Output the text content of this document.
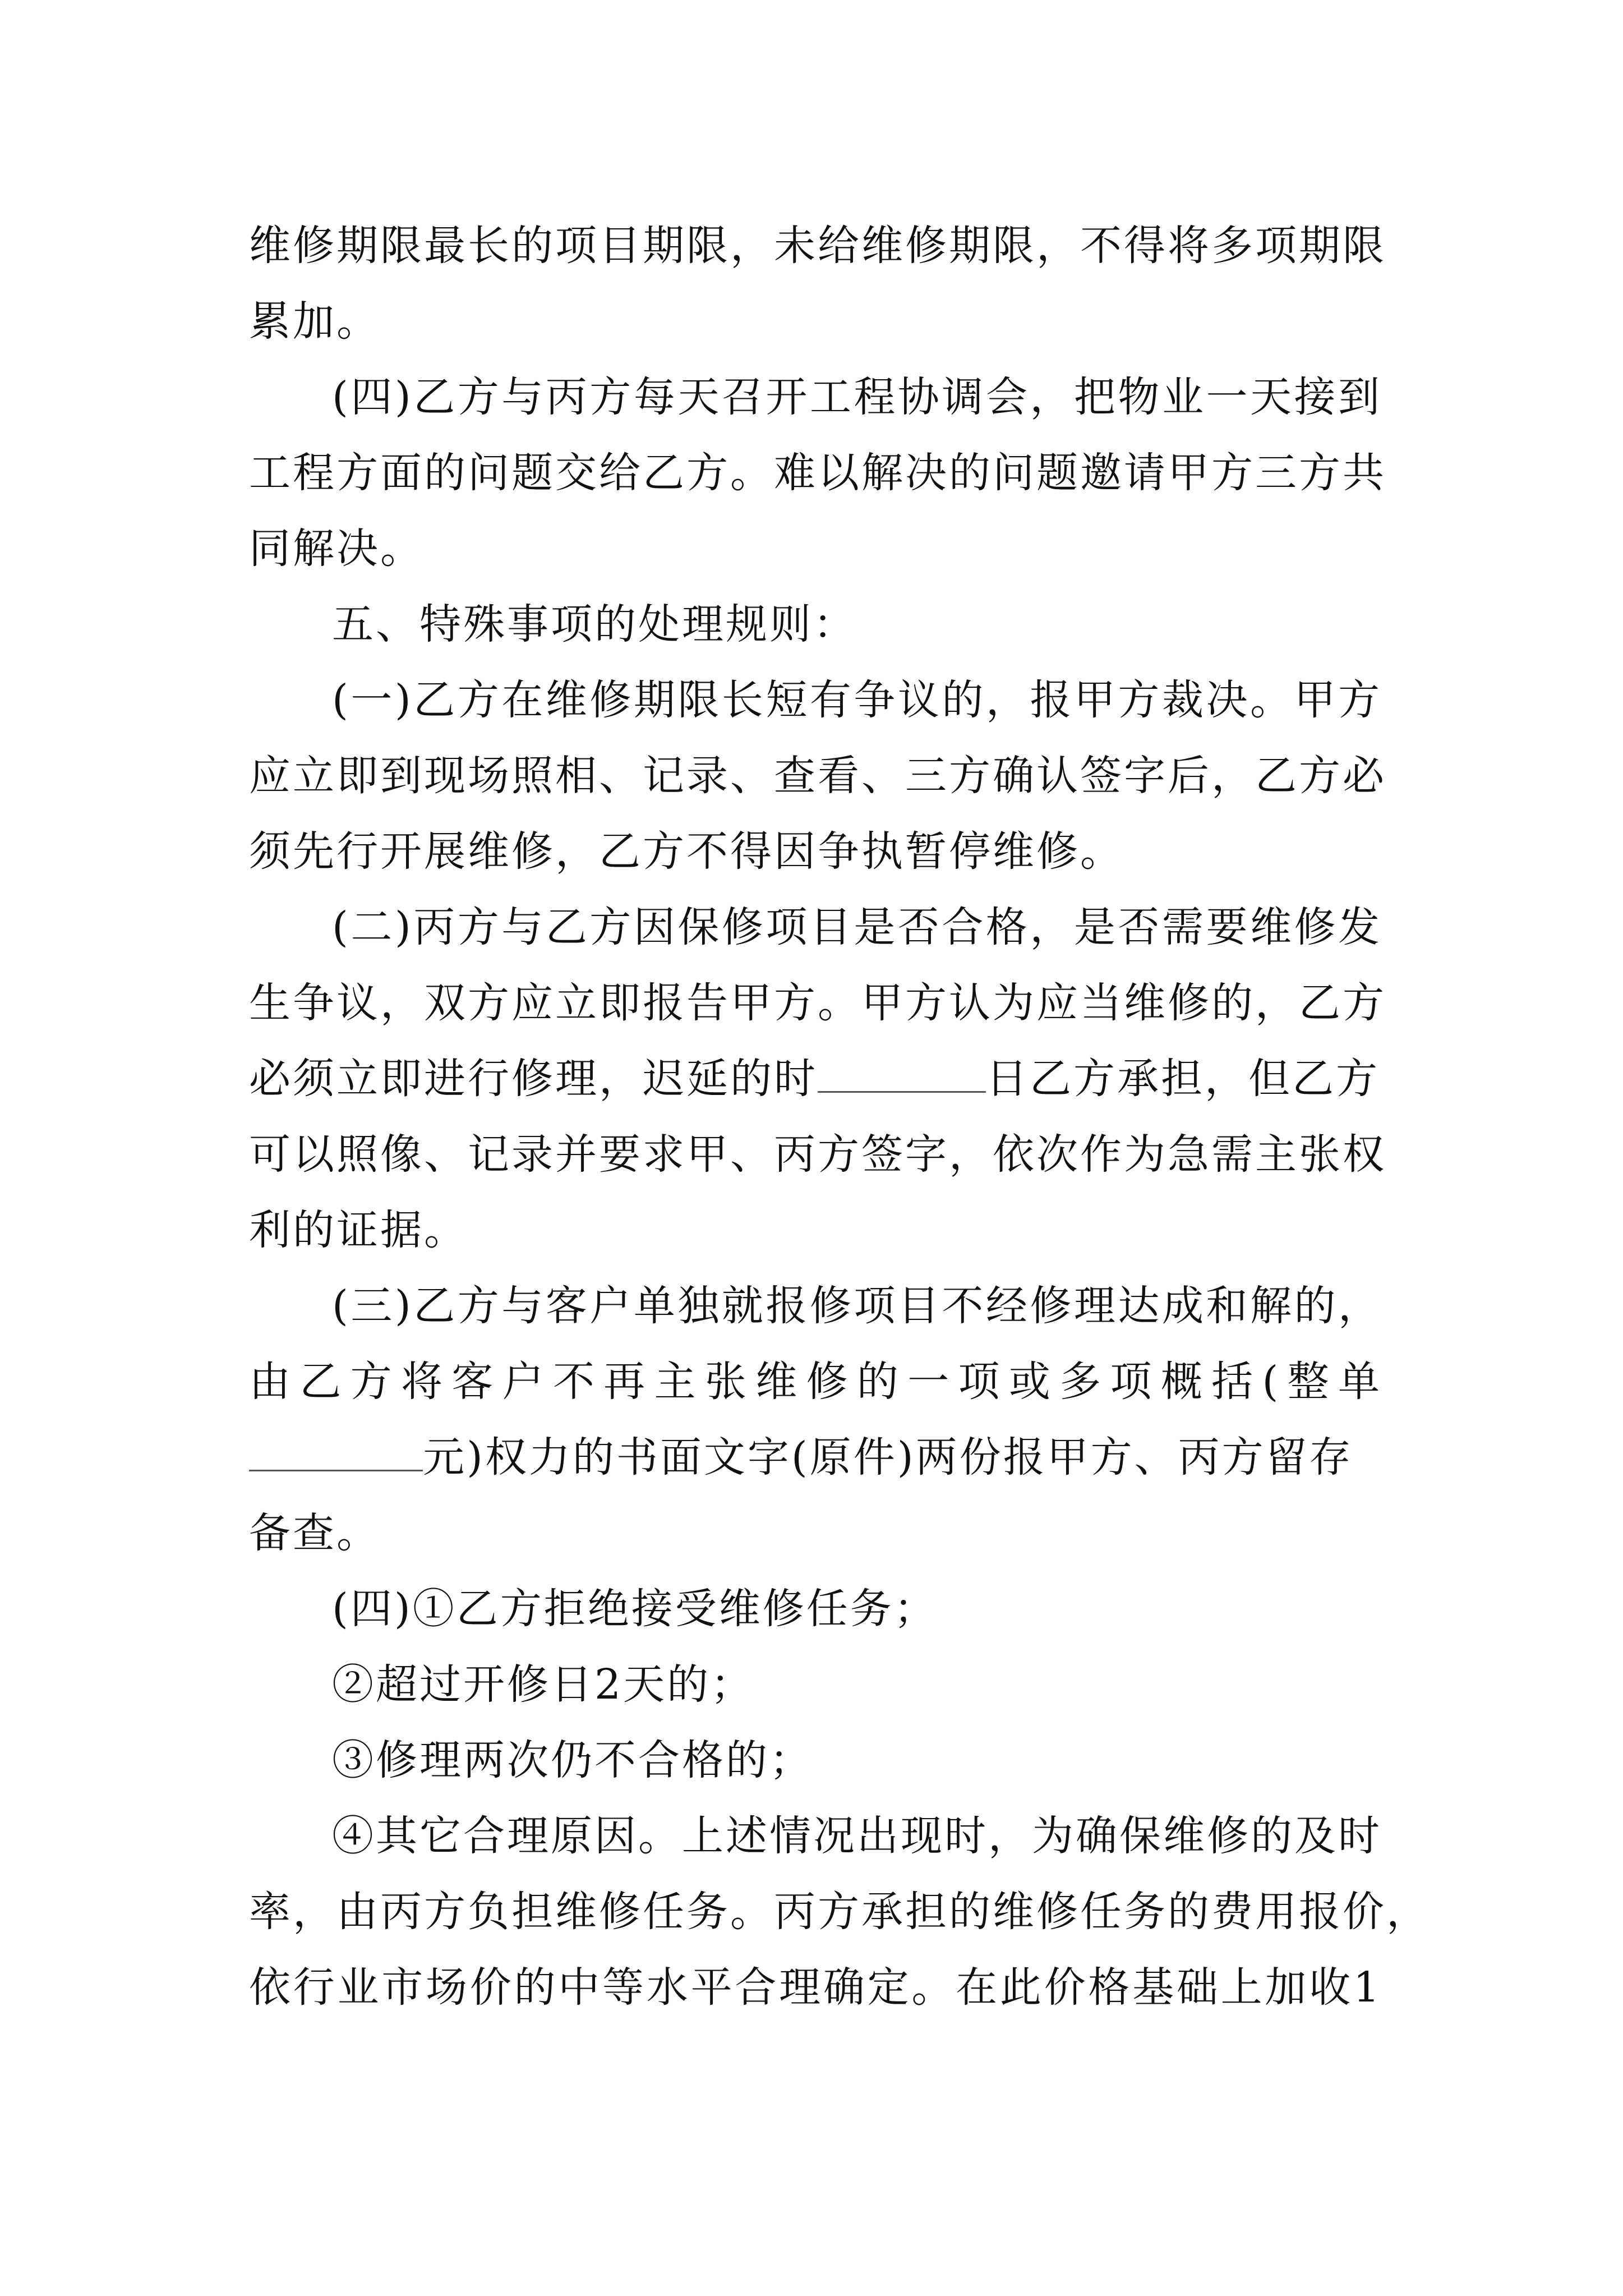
维修期限最长的项目期限，未给维修期限，不得将多项期限
累加。
(四)乙方与丙方每天召开工程协调会，把物业一天接到
工程方面的问题交给乙方。难以解决的问题邀请甲方三方共
同解决。
五、特殊事项的处理规则：
(一)乙方在维修期限长短有争议的，报甲方裁决。甲方
应立即到现场照相、记录、查看、三方确认签字后，乙方必
须先行开展维修，乙方不得因争执暂停维修。
(二)丙方与乙方因保修项目是否合格，是否需要维修发
生争议，双方应立即报告甲方。甲方认为应当维修的，乙方
必须立即进行修理，迟延的时	日乙方承担，但乙方
可以照像、记录并要求甲、丙方签字，依次作为急需主张权
利的证据。
(三)乙方与客户单独就报修项目不经修理达成和解的，
由乙方将客户不再主张维修的一项或多项概括(整单
元)权力的书面文字(原件)两份报甲方、丙方留存
备查。
(四)①乙方拒绝接受维修任务；
②超过开修日2天的；
③修理两次仍不合格的；
④其它合理原因。上述情况出现时，为确保维修的及时
率，由丙方负担维修任务。丙方承担的维修任务的费用报价，
依行业市场价的中等水平合理确定。在此价格基础上加收1
